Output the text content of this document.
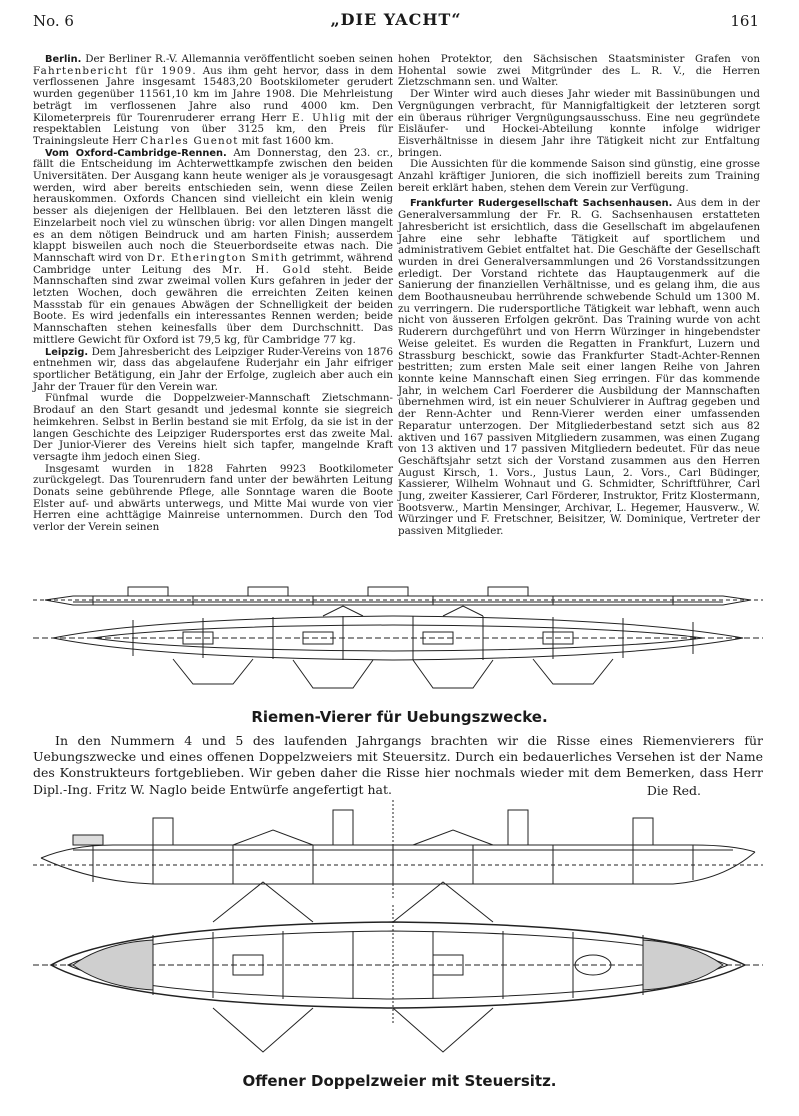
No. 6	„DIE YACHT“	161

Berlin. Der Berliner R.-V. Allemannia veröffentlicht soeben seinen Fahrtenbericht für 1909. Aus ihm geht hervor, dass in dem verflossenen Jahre insgesamt 15483,20 Bootskilometer gerudert wurden gegenüber 11561,10 km im Jahre 1908. Die Mehrleistung beträgt im verflossenen Jahre also rund 4000 km. Den Kilometerpreis für Tourenruderer errang Herr E. Uhlig mit der respektablen Leistung von über 3125 km, den Preis für Trainingsleute Herr Charles Guenot mit fast 1600 km.

Vom Oxford-Cambridge-Rennen. Am Donnerstag, den 23. cr., fällt die Entscheidung im Achterwettkampfe zwischen den beiden Universitäten. Der Ausgang kann heute weniger als je vorausgesagt werden, wird aber bereits entschieden sein, wenn diese Zeilen herauskommen. Oxfords Chancen sind vielleicht ein klein wenig besser als diejenigen der Hellblauen. Bei den letzteren lässt die Einzelarbeit noch viel zu wünschen übrig: vor allen Dingen mangelt es an dem nötigen Beindruck und am harten Finish; ausserdem klappt bisweilen auch noch die Steuerbordseite etwas nach. Die Mannschaft wird von Dr. Etherington Smith getrimmt, während Cambridge unter Leitung des Mr. H. Gold steht. Beide Mannschaften sind zwar zweimal vollen Kurs gefahren in jeder der letzten Wochen, doch gewähren die erreichten Zeiten keinen Massstab für ein genaues Abwägen der Schnelligkeit der beiden Boote. Es wird jedenfalls ein interessantes Rennen werden; beide Mannschaften stehen keinesfalls über dem Durchschnitt. Das mittlere Gewicht für Oxford ist 79,5 kg, für Cambridge 77 kg.

Leipzig. Dem Jahresbericht des Leipziger Ruder-Vereins von 1876 entnehmen wir, dass das abgelaufene Ruderjahr ein Jahr eifriger sportlicher Betätigung, ein Jahr der Erfolge, zugleich aber auch ein Jahr der Trauer für den Verein war.

Fünfmal wurde die Doppelzweier-Mannschaft Zietschmann-Brodauf an den Start gesandt und jedesmal konnte sie siegreich heimkehren. Selbst in Berlin bestand sie mit Erfolg, da sie ist in der langen Geschichte des Leipziger Rudersportes erst das zweite Mal. Der Junior-Vierer des Vereins hielt sich tapfer, mangelnde Kraft versagte ihm jedoch einen Sieg.

Insgesamt wurden in 1828 Fahrten 9923 Bootkilometer zurückgelegt. Das Tourenrudern fand unter der bewährten Leitung Donats seine gebührende Pflege, alle Sonntage waren die Boote Elster auf- und abwärts unterwegs, und Mitte Mai wurde von vier Herren eine achttägige Mainreise unternommen. Durch den Tod verlor der Verein seinen

hohen Protektor, den Sächsischen Staatsminister Grafen von Hohental sowie zwei Mitgründer des L. R. V., die Herren Zietzschmann sen. und Walter.

Der Winter wird auch dieses Jahr wieder mit Bassinübungen und Vergnügungen verbracht, für Mannigfaltigkeit der letzteren sorgt ein überaus rühriger Vergnügungsausschuss. Eine neu gegründete Eisläufer- und Hockei-Abteilung konnte infolge widriger Eisverhältnisse in diesem Jahr ihre Tätigkeit nicht zur Entfaltung bringen.

Die Aussichten für die kommende Saison sind günstig, eine grosse Anzahl kräftiger Junioren, die sich inoffiziell bereits zum Training bereit erklärt haben, stehen dem Verein zur Verfügung.

Frankfurter Rudergesellschaft Sachsenhausen. Aus dem in der Generalversammlung der Fr. R. G. Sachsenhausen erstatteten Jahresbericht ist ersichtlich, dass die Gesellschaft im abgelaufenen Jahre eine sehr lebhafte Tätigkeit auf sportlichem und administrativem Gebiet entfaltet hat. Die Geschäfte der Gesellschaft wurden in drei Generalversammlungen und 26 Vorstandssitzungen erledigt. Der Vorstand richtete das Hauptaugenmerk auf die Sanierung der finanziellen Verhältnisse, und es gelang ihm, die aus dem Boothausneubau herrührende schwebende Schuld um 1300 M. zu verringern. Die rudersportliche Tätigkeit war lebhaft, wenn auch nicht von äusseren Erfolgen gekrönt. Das Training wurde von acht Ruderern durchgeführt und von Herrn Würzinger in hingebendster Weise geleitet. Es wurden die Regatten in Frankfurt, Luzern und Strassburg beschickt, sowie das Frankfurter Stadt-Achter-Rennen bestritten; zum ersten Male seit einer langen Reihe von Jahren konnte keine Mannschaft einen Sieg erringen. Für das kommende Jahr, in welchem Carl Foerderer die Ausbildung der Mannschaften übernehmen wird, ist ein neuer Schulvierer in Auftrag gegeben und der Renn-Achter und Renn-Vierer werden einer umfassenden Reparatur unterzogen. Der Mitgliederbestand setzt sich aus 82 aktiven und 167 passiven Mitgliedern zusammen, was einen Zugang von 13 aktiven und 17 passiven Mitgliedern bedeutet. Für das neue Geschäftsjahr setzt sich der Vorstand zusammen aus den Herren August Kirsch, 1. Vors., Justus Laun, 2. Vors., Carl Büdinger, Kassierer, Wilhelm Wohnaut und G. Schmidter, Schriftführer, Carl Jung, zweiter Kassierer, Carl Förderer, Instruktor, Fritz Klostermann, Bootsverw., Martin Mensinger, Archivar, L. Hegemer, Hausverw., W. Würzinger und F. Fretschner, Beisitzer, W. Dominique, Vertreter der passiven Mitglieder.

Riemen-Vierer für Uebungszwecke.

In den Nummern 4 und 5 des laufenden Jahrgangs brachten wir die Risse eines Riemenvierers für Uebungszwecke und eines offenen Doppelzweiers mit Steuersitz. Durch ein bedauerliches Versehen ist der Name des Konstrukteurs fortgeblieben. Wir geben daher die Risse hier nochmals wieder mit dem Bemerken, dass Herr Dipl.-Ing. Fritz W. Naglo beide Entwürfe angefertigt hat.	Die Red.
Offener Doppelzweier mit Steuersitz.
